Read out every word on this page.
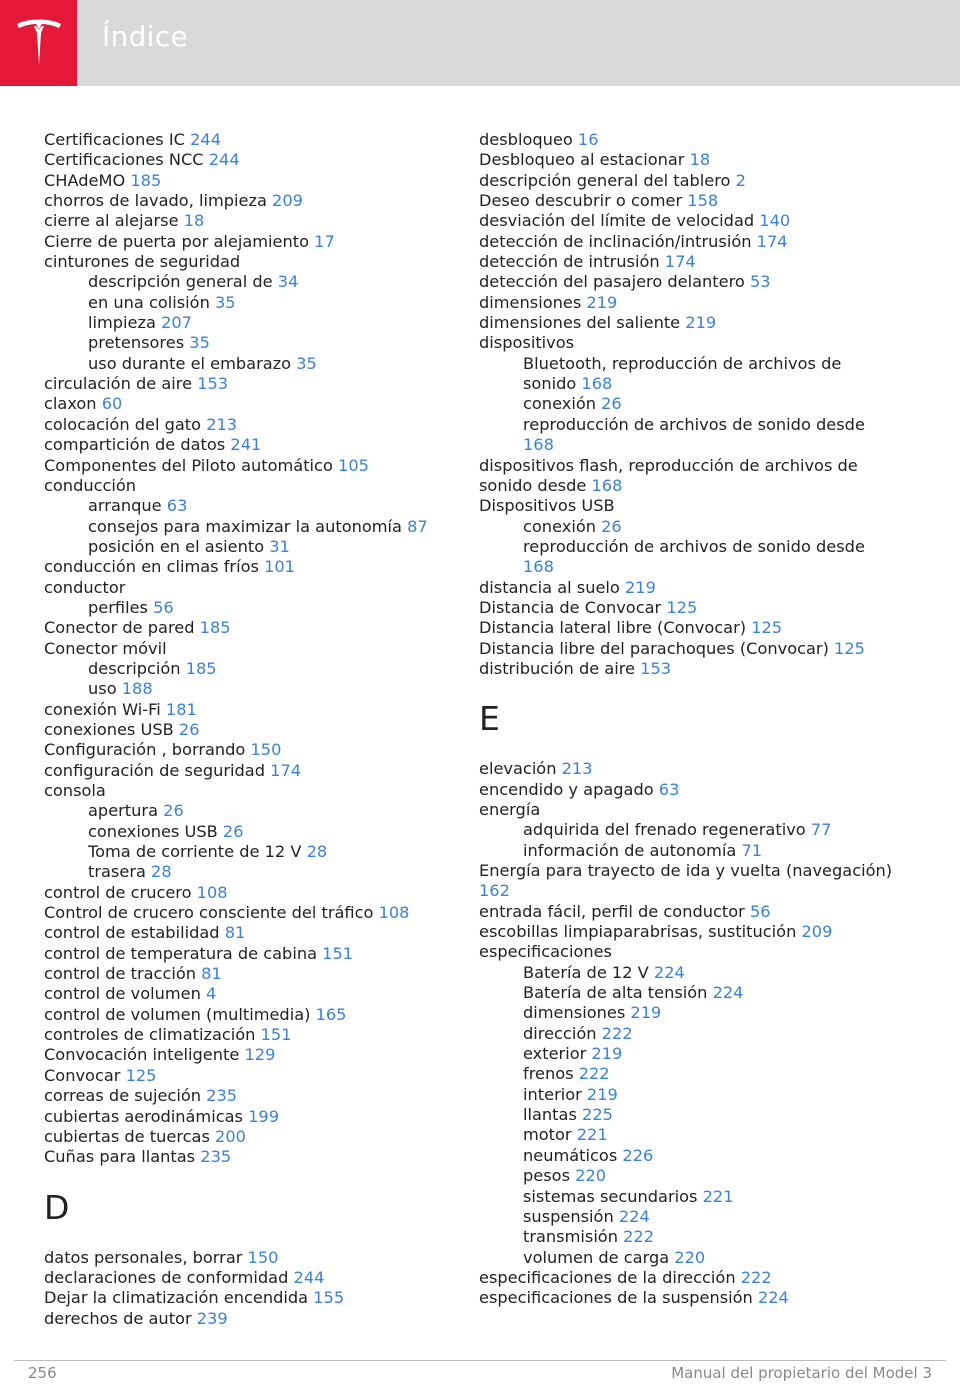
Índice
Certificaciones IC 244
Certificaciones NCC 244
CHAdeMO 185
chorros de lavado, limpieza 209
cierre al alejarse 18
Cierre de puerta por alejamiento 17
cinturones de seguridad
descripción general de 34
en una colisión 35
limpieza 207
pretensores 35
uso durante el embarazo 35
circulación de aire 153
claxon 60
colocación del gato 213
compartición de datos 241
Componentes del Piloto automático 105
conducción
arranque 63
consejos para maximizar la autonomía 87
posición en el asiento 31
conducción en climas fríos 101
conductor
perfiles 56
Conector de pared 185
Conector móvil
descripción 185
uso 188
conexión Wi-Fi 181
conexiones USB 26
Configuración , borrando 150
configuración de seguridad 174
consola
apertura 26
conexiones USB 26
Toma de corriente de 12 V 28
trasera 28
control de crucero 108
Control de crucero consciente del tráfico 108
control de estabilidad 81
control de temperatura de cabina 151
control de tracción 81
control de volumen 4
control de volumen (multimedia) 165
controles de climatización 151
Convocación inteligente 129
Convocar 125
correas de sujeción 235
cubiertas aerodinámicas 199
cubiertas de tuercas 200
Cuñas para llantas 235
D
datos personales, borrar 150
declaraciones de conformidad 244
Dejar la climatización encendida 155
derechos de autor 239
desbloqueo 16
Desbloqueo al estacionar 18
descripción general del tablero 2
Deseo descubrir o comer 158
desviación del límite de velocidad 140
detección de inclinación/intrusión 174
detección de intrusión 174
detección del pasajero delantero 53
dimensiones 219
dimensiones del saliente 219
dispositivos
Bluetooth, reproducción de archivos de sonido 168
conexión 26
reproducción de archivos de sonido desde 168
dispositivos flash, reproducción de archivos de sonido desde 168
Dispositivos USB
conexión 26
reproducción de archivos de sonido desde 168
distancia al suelo 219
Distancia de Convocar 125
Distancia lateral libre (Convocar) 125
Distancia libre del parachoques (Convocar) 125
distribución de aire 153
E
elevación 213
encendido y apagado 63
energía
adquirida del frenado regenerativo 77
información de autonomía 71
Energía para trayecto de ida y vuelta (navegación) 162
entrada fácil, perfil de conductor 56
escobillas limpiaparabrisas, sustitución 209
especificaciones
Batería de 12 V 224
Batería de alta tensión 224
dimensiones 219
dirección 222
exterior 219
frenos 222
interior 219
llantas 225
motor 221
neumáticos 226
pesos 220
sistemas secundarios 221
suspensión 224
transmisión 222
volumen de carga 220
especificaciones de la dirección 222
especificaciones de la suspensión 224
256	Manual del propietario del Model 3
